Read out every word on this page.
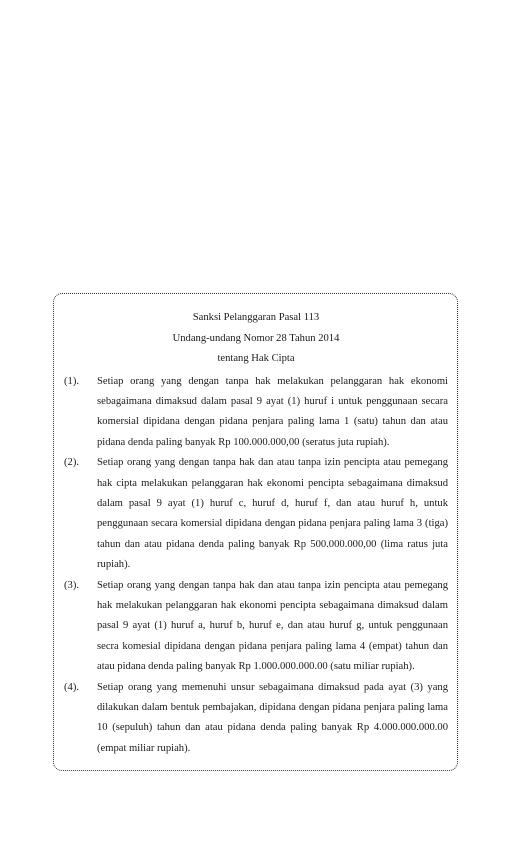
Sanksi Pelanggaran Pasal 113

Undang-undang Nomor 28 Tahun 2014

tentang Hak Cipta

(1). Setiap orang yang dengan tanpa hak melakukan pelanggaran hak ekonomi sebagaimana dimaksud dalam pasal 9 ayat (1) huruf i untuk penggunaan secara komersial dipidana dengan pidana penjara paling lama 1 (satu) tahun dan atau pidana denda paling banyak Rp 100.000.000,00 (seratus juta rupiah).
(2). Setiap orang yang dengan tanpa hak dan atau tanpa izin pencipta atau pemegang hak cipta melakukan pelanggaran hak ekonomi pencipta sebagaimana dimaksud dalam pasal 9 ayat (1) huruf c, huruf d, huruf f, dan atau huruf h, untuk penggunaan secara komersial dipidana dengan pidana penjara paling lama 3 (tiga) tahun dan atau pidana denda paling banyak Rp 500.000.000,00 (lima ratus juta rupiah).
(3). Setiap orang yang dengan tanpa hak dan atau tanpa izin pencipta atau pemegang hak melakukan pelanggaran hak ekonomi pencipta sebagaimana dimaksud dalam pasal 9 ayat (1) huruf a, huruf b, huruf e, dan atau huruf g, untuk penggunaan secra komesial dipidana dengan pidana penjara paling lama 4 (empat) tahun dan atau pidana denda paling banyak Rp 1.000.000.000.00 (satu miliar rupiah).
(4). Setiap orang yang memenuhi unsur sebagaimana dimaksud pada ayat (3) yang dilakukan dalam bentuk pembajakan, dipidana dengan pidana penjara paling lama 10 (sepuluh) tahun dan atau pidana denda paling banyak Rp 4.000.000.000.00 (empat miliar rupiah).
